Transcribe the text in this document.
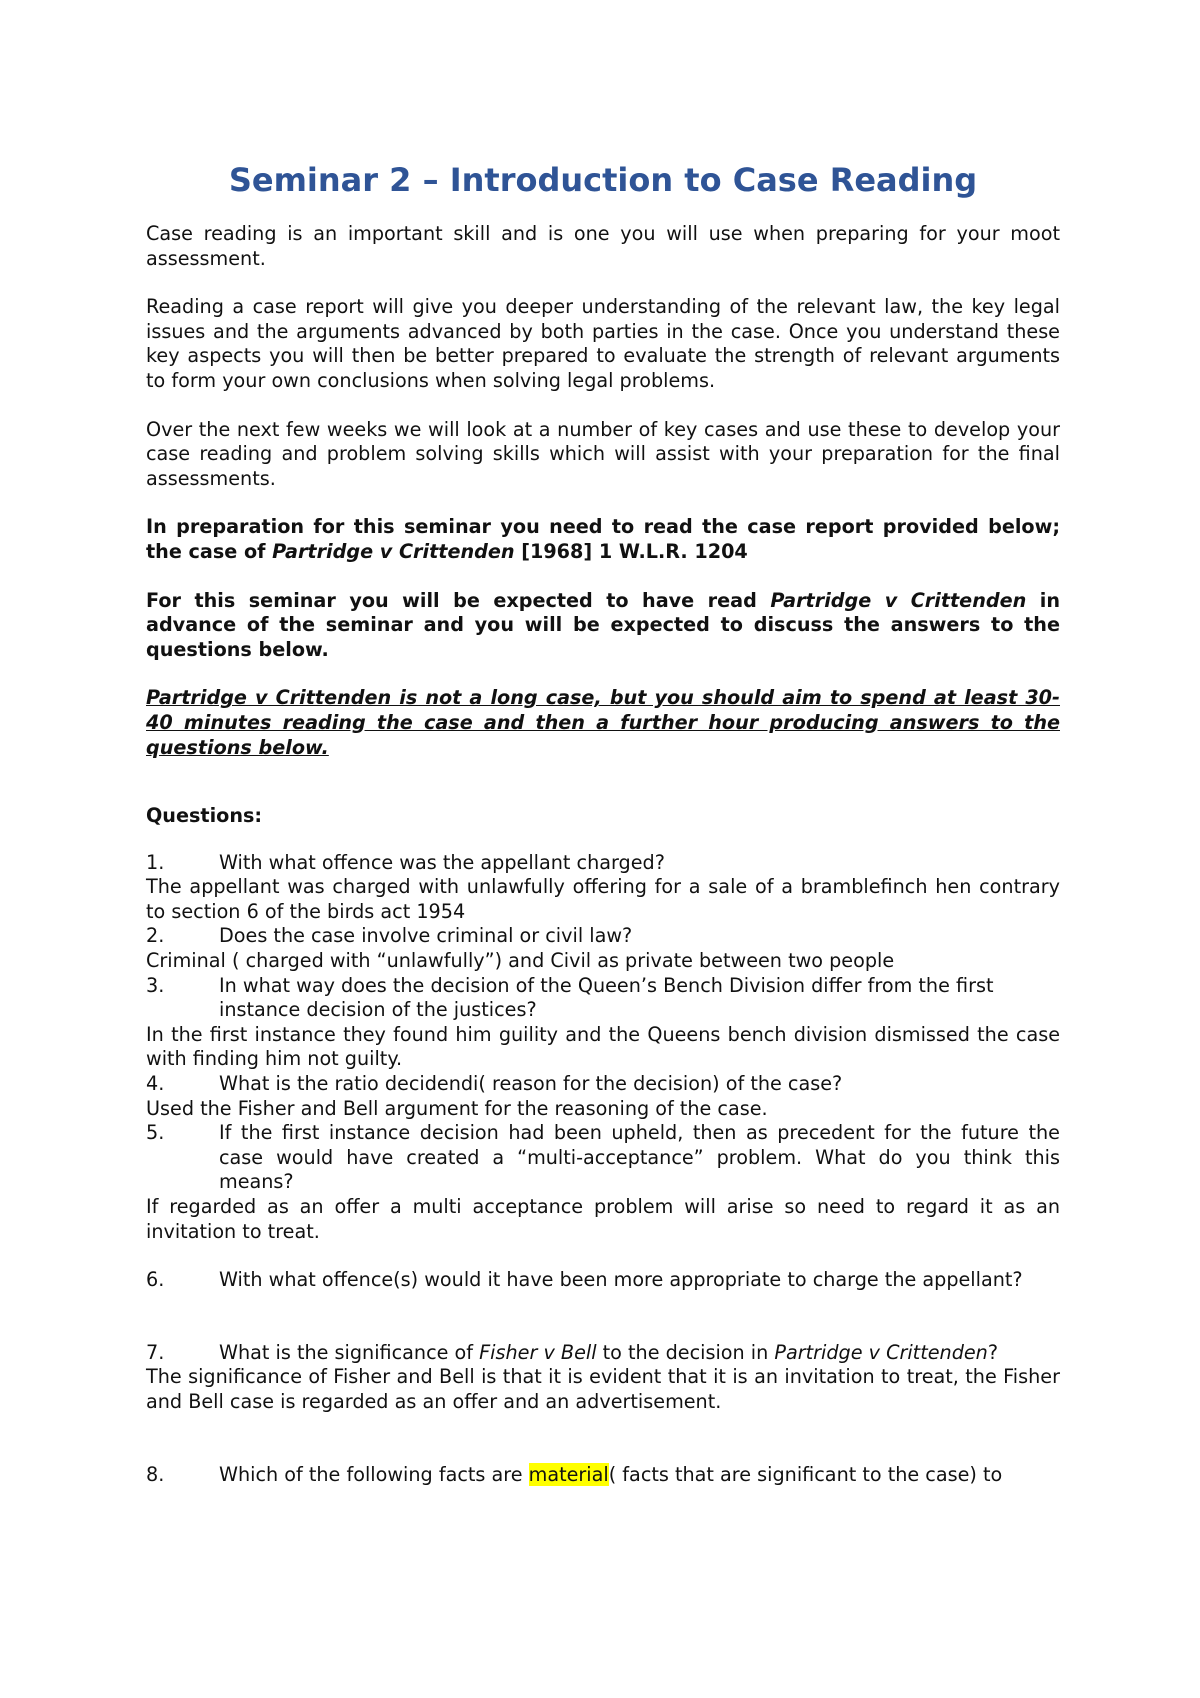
Seminar 2 – Introduction to Case Reading

Case reading is an important skill and is one you will use when preparing for your moot assessment.

Reading a case report will give you deeper understanding of the relevant law, the key legal issues and the arguments advanced by both parties in the case. Once you understand these key aspects you will then be better prepared to evaluate the strength of relevant arguments to form your own conclusions when solving legal problems.

Over the next few weeks we will look at a number of key cases and use these to develop your case reading and problem solving skills which will assist with your preparation for the final assessments.

In preparation for this seminar you need to read the case report provided below; the case of Partridge v Crittenden [1968] 1 W.L.R. 1204

For this seminar you will be expected to have read Partridge v Crittenden in advance of the seminar and you will be expected to discuss the answers to the questions below.

Partridge v Crittenden is not a long case, but you should aim to spend at least 30-40 minutes reading the case and then a further hour producing answers to the questions below.

Questions:

1.	With what offence was the appellant charged?
The appellant was charged with unlawfully offering for a sale of a bramblefinch hen contrary to section 6 of the birds act 1954
2.	Does the case involve criminal or civil law?
Criminal ( charged with “unlawfully”) and Civil as private between two people
3.	In what way does the decision of the Queen’s Bench Division differ from the first instance decision of the justices?
In the first instance they found him guility and the Queens bench division dismissed the case with finding him not guilty.
4.	What is the ratio decidendi( reason for the decision) of the case?
Used the Fisher and Bell argument for the reasoning of the case.
5.	If the first instance decision had been upheld, then as precedent for the future the case would have created a “multi-acceptance” problem. What do you think this means?
If regarded as an offer a multi acceptance problem will arise so need to regard it as an invitation to treat.
6.	With what offence(s) would it have been more appropriate to charge the appellant?
7.	What is the significance of Fisher v Bell to the decision in Partridge v Crittenden?
The significance of Fisher and Bell is that it is evident that it is an invitation to treat, the Fisher and Bell case is regarded as an offer and an advertisement.
8.	Which of the following facts are material( facts that are significant to the case) to
